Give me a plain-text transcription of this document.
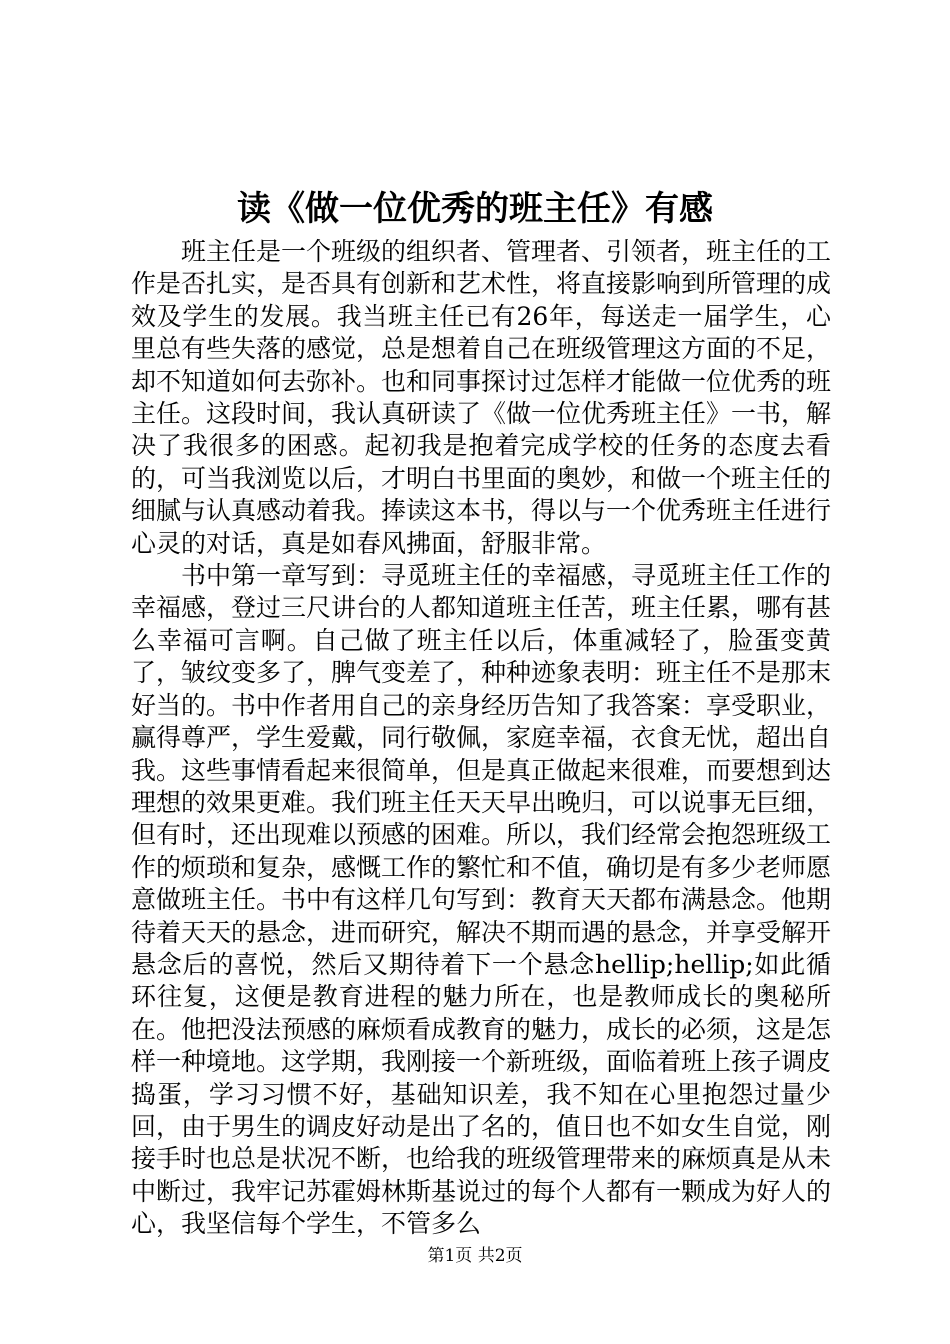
读《做一位优秀的班主任》有感

班主任是一个班级的组织者、管理者、引领者，班主任的工作是否扎实，是否具有创新和艺术性，将直接影响到所管理的成效及学生的发展。我当班主任已有26年，每送走一届学生，心里总有些失落的感觉，总是想着自己在班级管理这方面的不足，却不知道如何去弥补。也和同事探讨过怎样才能做一位优秀的班主任。这段时间，我认真研读了《做一位优秀班主任》一书，解决了我很多的困惑。起初我是抱着完成学校的任务的态度去看的，可当我浏览以后，才明白书里面的奥妙，和做一个班主任的细腻与认真感动着我。捧读这本书，得以与一个优秀班主任进行心灵的对话，真是如春风拂面，舒服非常。

书中第一章写到：寻觅班主任的幸福感，寻觅班主任工作的幸福感，登过三尺讲台的人都知道班主任苦，班主任累，哪有甚么幸福可言啊。自己做了班主任以后，体重减轻了，脸蛋变黄了，皱纹变多了，脾气变差了，种种迹象表明：班主任不是那末好当的。书中作者用自己的亲身经历告知了我答案：享受职业，赢得尊严，学生爱戴，同行敬佩，家庭幸福，衣食无忧，超出自我。这些事情看起来很简单，但是真正做起来很难，而要想到达理想的效果更难。我们班主任天天早出晚归，可以说事无巨细，但有时，还出现难以预感的困难。所以，我们经常会抱怨班级工作的烦琐和复杂，感慨工作的繁忙和不值，确切是有多少老师愿意做班主任。书中有这样几句写到：教育天天都布满悬念。他期待着天天的悬念，进而研究，解决不期而遇的悬念，并享受解开悬念后的喜悦，然后又期待着下一个悬念hellip;hellip;如此循环往复，这便是教育进程的魅力所在，也是教师成长的奥秘所在。他把没法预感的麻烦看成教育的魅力，成长的必须，这是怎样一种境地。这学期，我刚接一个新班级，面临着班上孩子调皮捣蛋，学习习惯不好，基础知识差，我不知在心里抱怨过量少回，由于男生的调皮好动是出了名的，值日也不如女生自觉，刚接手时也总是状况不断，也给我的班级管理带来的麻烦真是从未中断过，我牢记苏霍姆林斯基说过的每个人都有一颗成为好人的心，我坚信每个学生，不管多么

第1页 共2页
